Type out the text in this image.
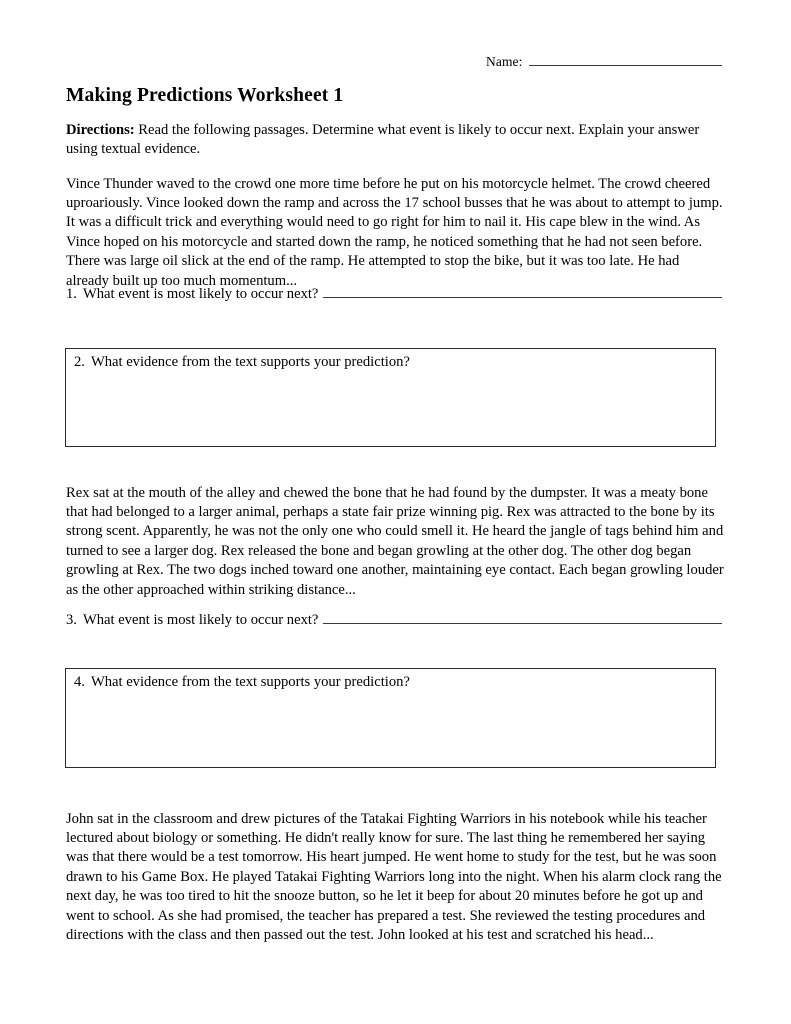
Name:
Making Predictions Worksheet 1

Directions: Read the following passages. Determine what event is likely to occur next. Explain your answer using textual evidence.

Vince Thunder waved to the crowd one more time before he put on his motorcycle helmet. The crowd cheered uproariously. Vince looked down the ramp and across the 17 school busses that he was about to attempt to jump. It was a difficult trick and everything would need to go right for him to nail it. His cape blew in the wind. As Vince hoped on his motorcycle and started down the ramp, he noticed something that he had not seen before. There was large oil slick at the end of the ramp. He attempted to stop the bike, but it was too late. He had already built up too much momentum...

1. What event is most likely to occur next?
2. What evidence from the text supports your prediction?

Rex sat at the mouth of the alley and chewed the bone that he had found by the dumpster. It was a meaty bone that had belonged to a larger animal, perhaps a state fair prize winning pig. Rex was attracted to the bone by its strong scent. Apparently, he was not the only one who could smell it. He heard the jangle of tags behind him and turned to see a larger dog. Rex released the bone and began growling at the other dog. The other dog began growling at Rex. The two dogs inched toward one another, maintaining eye contact. Each began growling louder as the other approached within striking distance...

3. What event is most likely to occur next?
4. What evidence from the text supports your prediction?

John sat in the classroom and drew pictures of the Tatakai Fighting Warriors in his notebook while his teacher lectured about biology or something. He didn't really know for sure. The last thing he remembered her saying was that there would be a test tomorrow. His heart jumped. He went home to study for the test, but he was soon drawn to his Game Box. He played Tatakai Fighting Warriors long into the night. When his alarm clock rang the next day, he was too tired to hit the snooze button, so he let it beep for about 20 minutes before he got up and went to school. As she had promised, the teacher has prepared a test. She reviewed the testing procedures and directions with the class and then passed out the test. John looked at his test and scratched his head...
